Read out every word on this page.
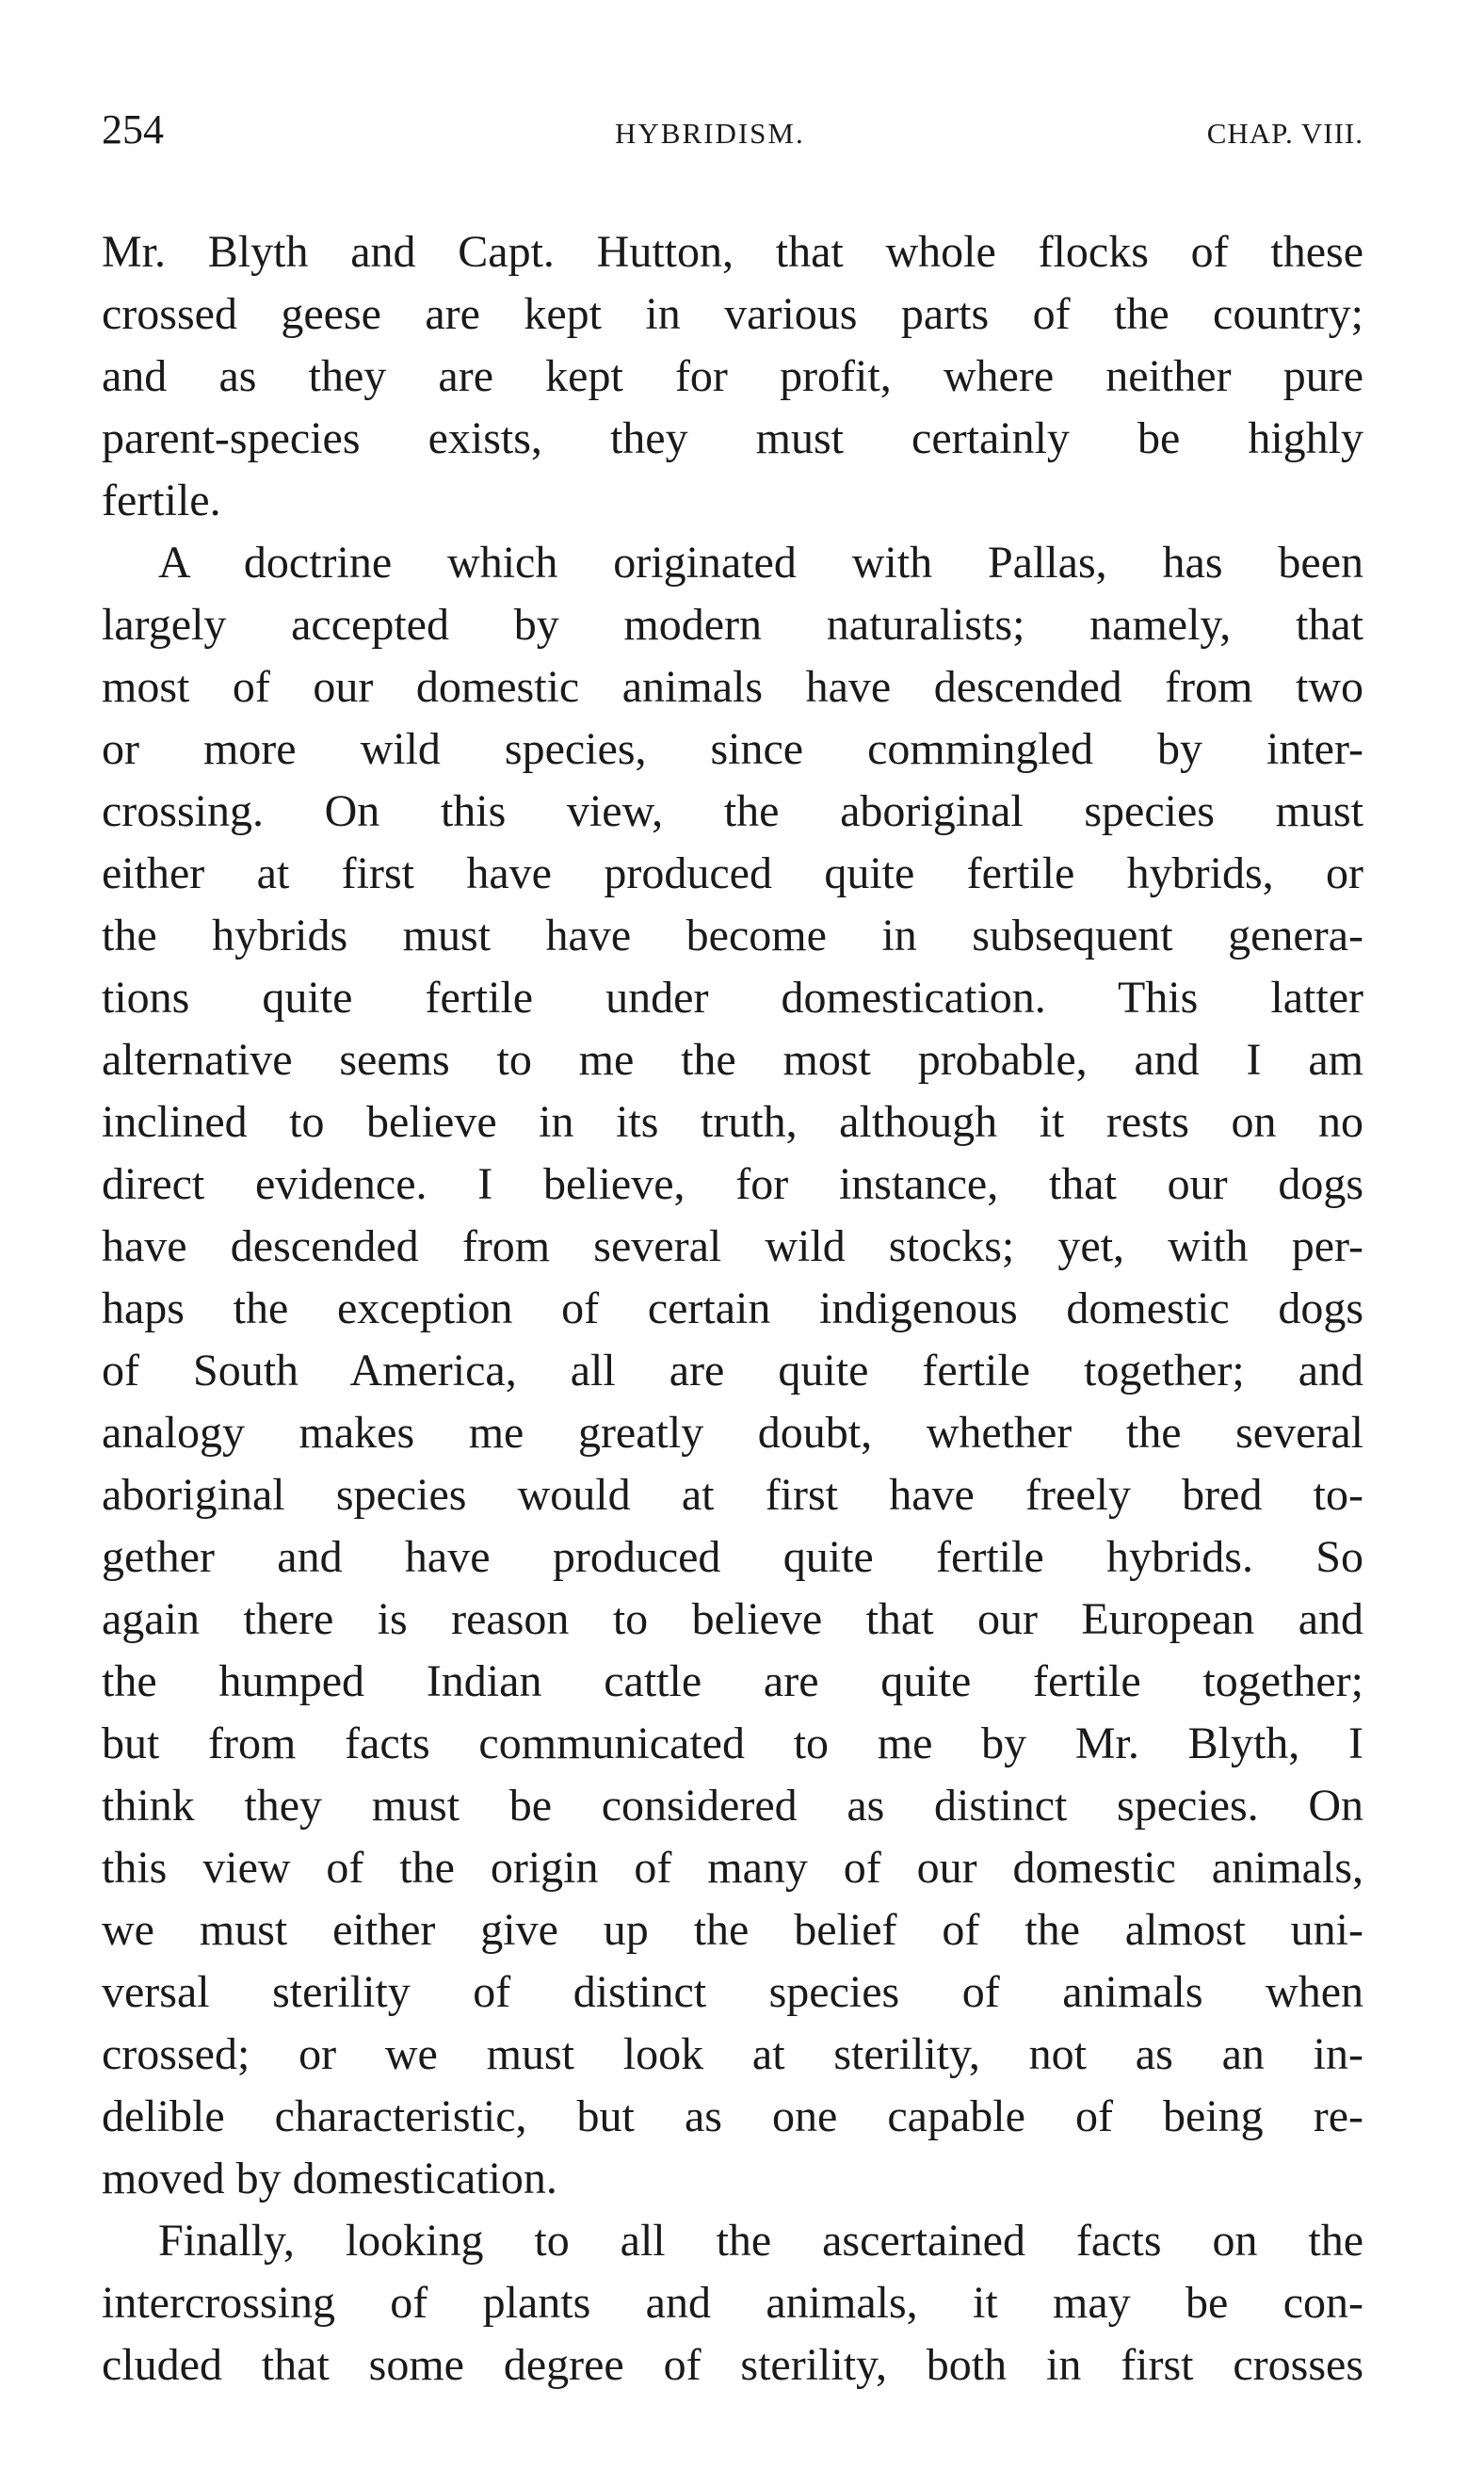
254	HYBRIDISM.	CHAP. VIII.
Mr. Blyth and Capt. Hutton, that whole flocks of these
crossed geese are kept in various parts of the country;
and as they are kept for profit, where neither pure
parent-species exists, they must certainly be highly
fertile.
A doctrine which originated with Pallas, has been
largely accepted by modern naturalists; namely, that
most of our domestic animals have descended from two
or more wild species, since commingled by inter-
crossing. On this view, the aboriginal species must
either at first have produced quite fertile hybrids, or
the hybrids must have become in subsequent genera-
tions quite fertile under domestication. This latter
alternative seems to me the most probable, and I am
inclined to believe in its truth, although it rests on no
direct evidence. I believe, for instance, that our dogs
have descended from several wild stocks; yet, with per-
haps the exception of certain indigenous domestic dogs
of South America, all are quite fertile together; and
analogy makes me greatly doubt, whether the several
aboriginal species would at first have freely bred to-
gether and have produced quite fertile hybrids. So
again there is reason to believe that our European and
the humped Indian cattle are quite fertile together;
but from facts communicated to me by Mr. Blyth, I
think they must be considered as distinct species. On
this view of the origin of many of our domestic animals,
we must either give up the belief of the almost uni-
versal sterility of distinct species of animals when
crossed; or we must look at sterility, not as an in-
delible characteristic, but as one capable of being re-
moved by domestication.
Finally, looking to all the ascertained facts on the
intercrossing of plants and animals, it may be con-
cluded that some degree of sterility, both in first crosses
